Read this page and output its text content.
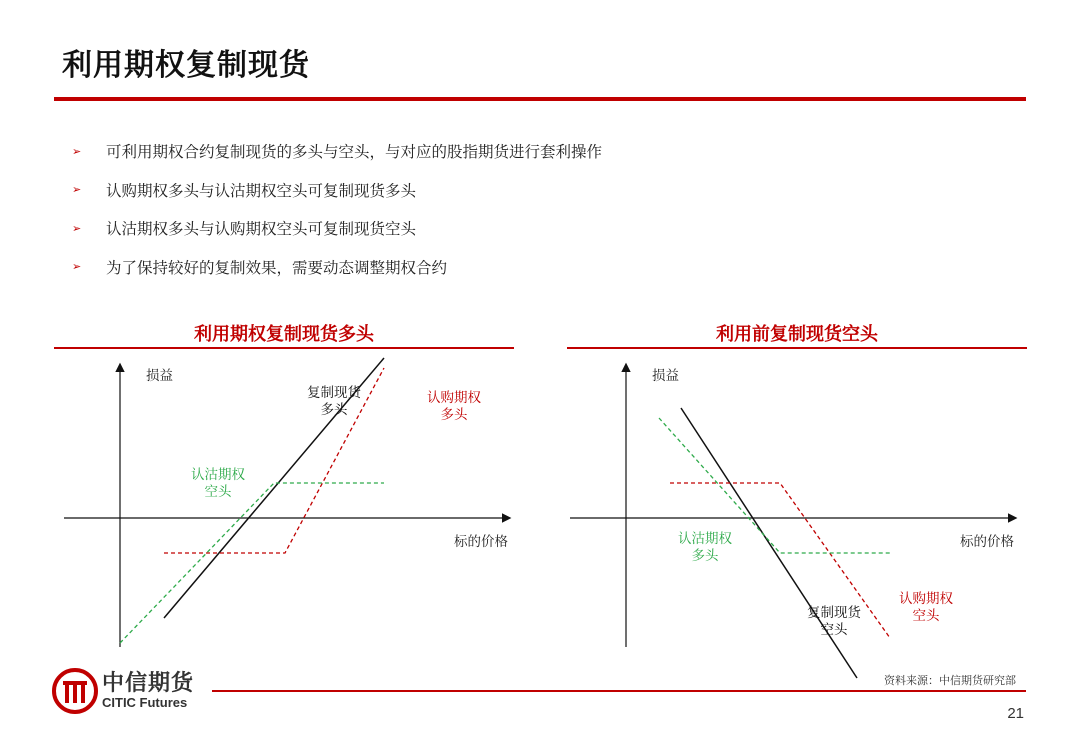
利用期权复制现货
➢	可利用期权合约复制现货的多头与空头，与对应的股指期货进行套利操作
➢	认购期权多头与认沽期权空头可复制现货多头
➢	认沽期权多头与认购期权空头可复制现货空头
➢	为了保持较好的复制效果，需要动态调整期权合约
利用期权复制现货多头
损益
标的价格
复制现货
多头
认购期权
多头
认沽期权
空头
利用前复制现货空头
损益
标的价格
复制现货
空头
认购期权
空头
认沽期权
多头
中信期货
CITIC Futures
资料来源：中信期货研究部
21
